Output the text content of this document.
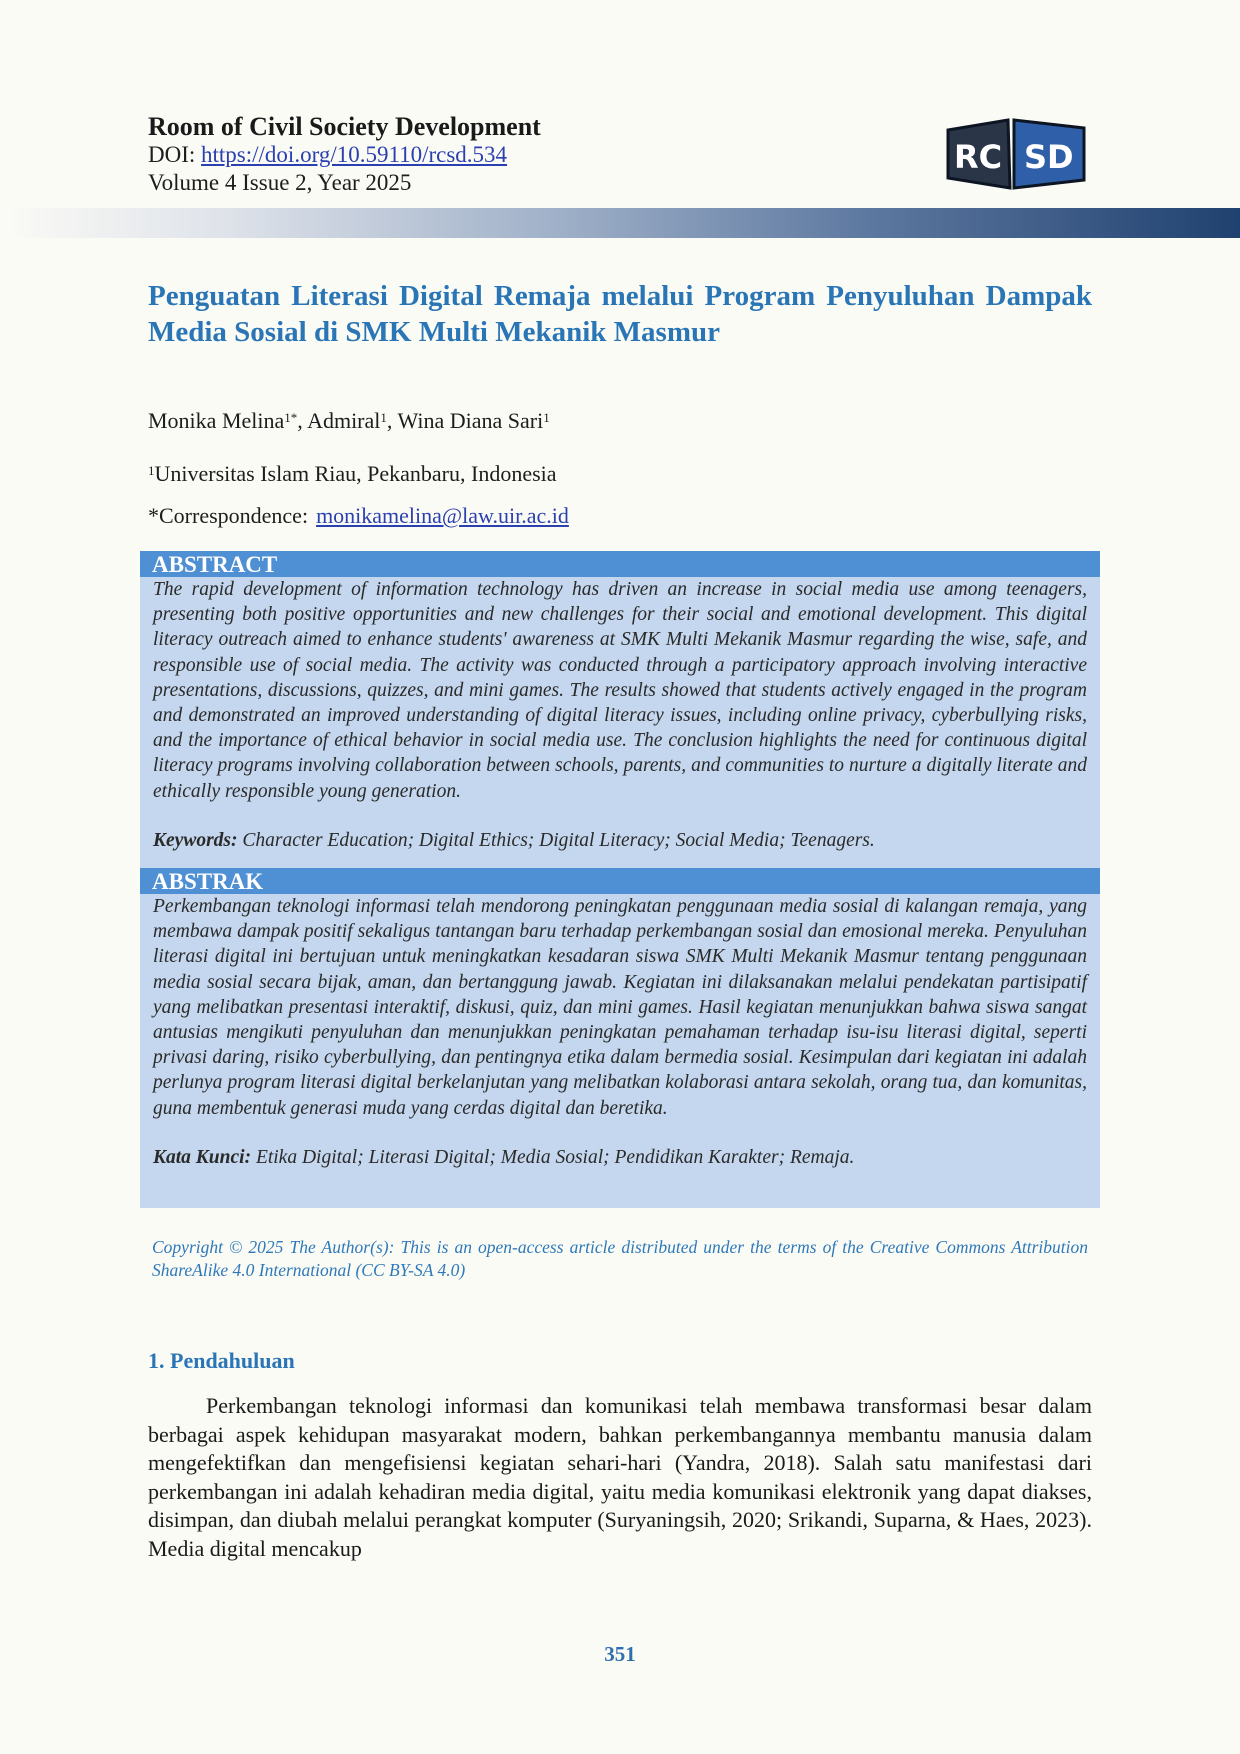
Room of Civil Society Development
DOI: https://doi.org/10.59110/rcsd.534
Volume 4 Issue 2, Year 2025
RC SD
Penguatan Literasi Digital Remaja melalui Program Penyuluhan Dampak Media Sosial di SMK Multi Mekanik Masmur
Monika Melina$^{1*}$, Admiral$^1$, Wina Diana Sari$^1$
$^1$Universitas Islam Riau, Pekanbaru, Indonesia
*Correspondence: monikamelina@law.uir.ac.id
ABSTRACT
The rapid development of information technology has driven an increase in social media use among teenagers, presenting both positive opportunities and new challenges for their social and emotional development. This digital literacy outreach aimed to enhance students' awareness at SMK Multi Mekanik Masmur regarding the wise, safe, and responsible use of social media. The activity was conducted through a participatory approach involving interactive presentations, discussions, quizzes, and mini games. The results showed that students actively engaged in the program and demonstrated an improved understanding of digital literacy issues, including online privacy, cyberbullying risks, and the importance of ethical behavior in social media use. The conclusion highlights the need for continuous digital literacy programs involving collaboration between schools, parents, and communities to nurture a digitally literate and ethically responsible young generation.
Keywords: Character Education; Digital Ethics; Digital Literacy; Social Media; Teenagers.
ABSTRAK
Perkembangan teknologi informasi telah mendorong peningkatan penggunaan media sosial di kalangan remaja, yang membawa dampak positif sekaligus tantangan baru terhadap perkembangan sosial dan emosional mereka. Penyuluhan literasi digital ini bertujuan untuk meningkatkan kesadaran siswa SMK Multi Mekanik Masmur tentang penggunaan media sosial secara bijak, aman, dan bertanggung jawab. Kegiatan ini dilaksanakan melalui pendekatan partisipatif yang melibatkan presentasi interaktif, diskusi, quiz, dan mini games. Hasil kegiatan menunjukkan bahwa siswa sangat antusias mengikuti penyuluhan dan menunjukkan peningkatan pemahaman terhadap isu-isu literasi digital, seperti privasi daring, risiko cyberbullying, dan pentingnya etika dalam bermedia sosial. Kesimpulan dari kegiatan ini adalah perlunya program literasi digital berkelanjutan yang melibatkan kolaborasi antara sekolah, orang tua, dan komunitas, guna membentuk generasi muda yang cerdas digital dan beretika.
Kata Kunci: Etika Digital; Literasi Digital; Media Sosial; Pendidikan Karakter; Remaja.
Copyright © 2025 The Author(s): This is an open-access article distributed under the terms of the Creative Commons Attribution ShareAlike 4.0 International (CC BY-SA 4.0)
1. Pendahuluan
Perkembangan teknologi informasi dan komunikasi telah membawa transformasi besar dalam berbagai aspek kehidupan masyarakat modern, bahkan perkembangannya membantu manusia dalam mengefektifkan dan mengefisiensi kegiatan sehari-hari (Yandra, 2018). Salah satu manifestasi dari perkembangan ini adalah kehadiran media digital, yaitu media komunikasi elektronik yang dapat diakses, disimpan, dan diubah melalui perangkat komputer (Suryaningsih, 2020; Srikandi, Suparna, & Haes, 2023). Media digital mencakup
351
